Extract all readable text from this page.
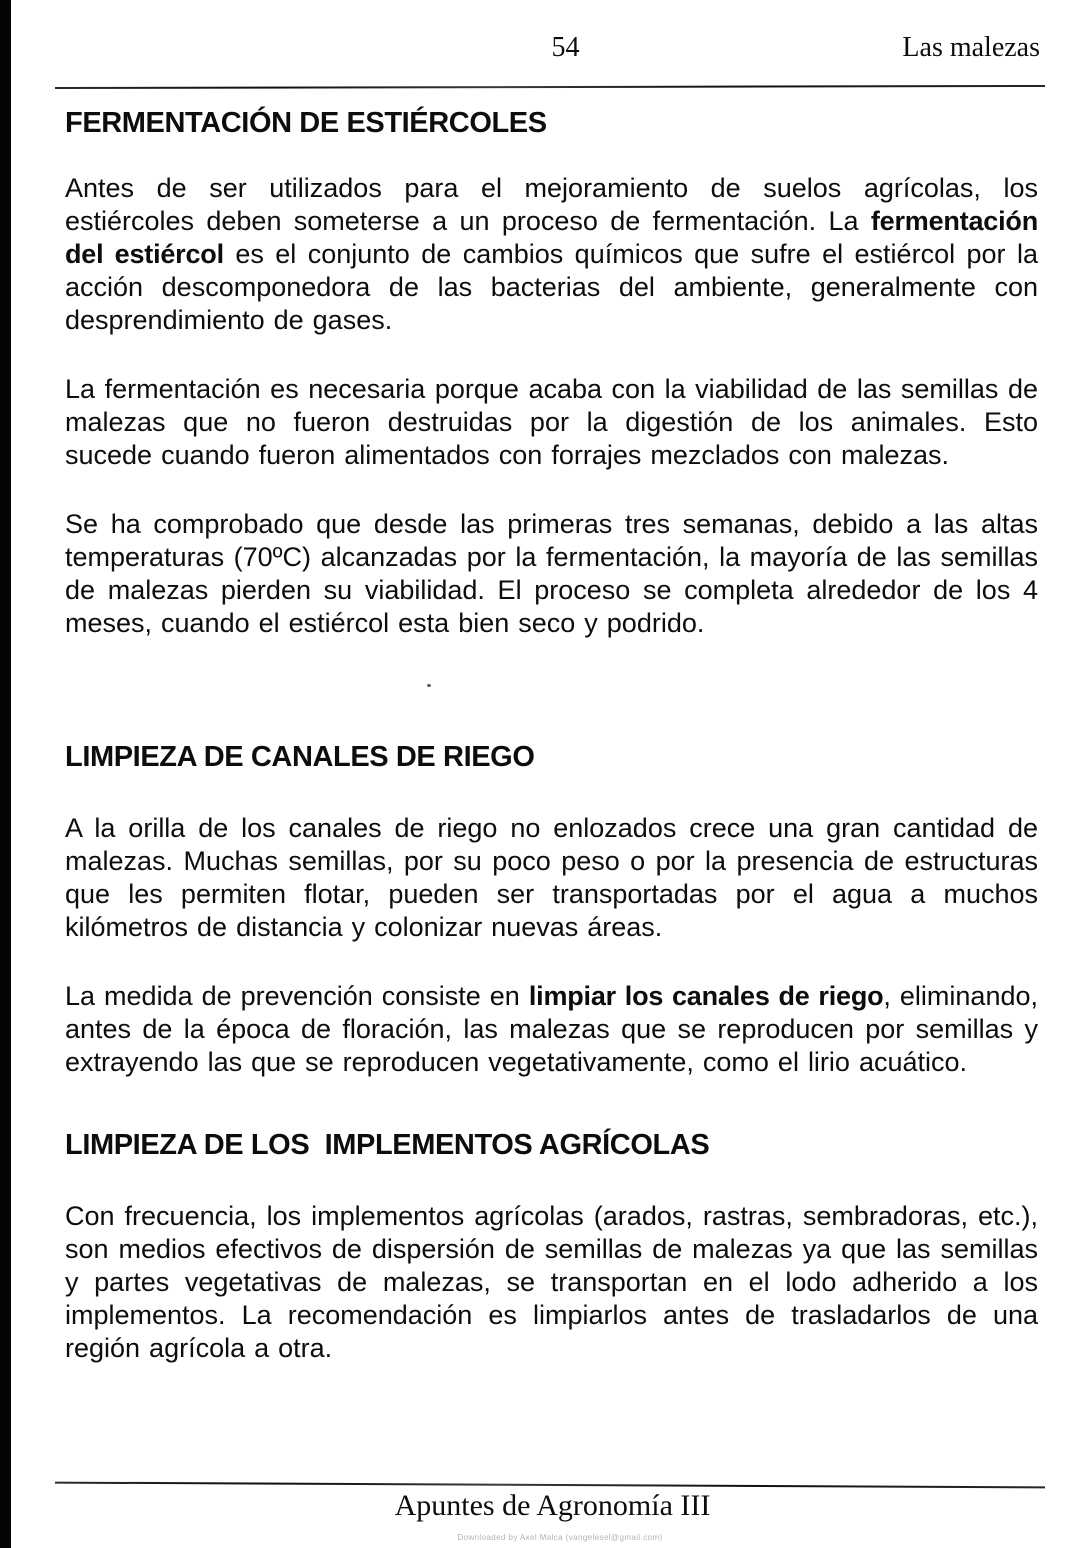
54	Las malezas
FERMENTACIÓN DE ESTIÉRCOLES

Antes de ser utilizados para el mejoramiento de suelos agrícolas, los estiércoles deben someterse a un proceso de fermentación. La fermentación del estiércol es el conjunto de cambios químicos que sufre el estiércol por la acción descomponedora de las bacterias del ambiente, generalmente con desprendimiento de gases.

La fermentación es necesaria porque acaba con la viabilidad de las semillas de malezas que no fueron destruidas por la digestión de los animales. Esto sucede cuando fueron alimentados con forrajes mezclados con malezas.

Se ha comprobado que desde las primeras tres semanas, debido a las altas temperaturas (70ºC) alcanzadas por la fermentación, la mayoría de las semillas de malezas pierden su viabilidad. El proceso se completa alrededor de los 4 meses, cuando el estiércol esta bien seco y podrido.

LIMPIEZA DE CANALES DE RIEGO

A la orilla de los canales de riego no enlozados crece una gran cantidad de malezas. Muchas semillas, por su poco peso o por la presencia de estructuras que les permiten flotar, pueden ser transportadas por el agua a muchos kilómetros de distancia y colonizar nuevas áreas.

La medida de prevención consiste en limpiar los canales de riego, eliminando, antes de la época de floración, las malezas que se reproducen por semillas y extrayendo las que se reproducen vegetativamente, como el lirio acuático.

LIMPIEZA DE LOS  IMPLEMENTOS AGRÍCOLAS

Con frecuencia, los implementos agrícolas (arados, rastras, sembradoras, etc.), son medios efectivos de dispersión de semillas de malezas ya que las semillas y partes vegetativas de malezas, se transportan en el lodo adherido a los implementos. La recomendación es limpiarlos antes de trasladarlos de una región agrícola a otra.

Apuntes de Agronomía III
Downloaded by Axel Malca (vangelesel@gmail.com)
